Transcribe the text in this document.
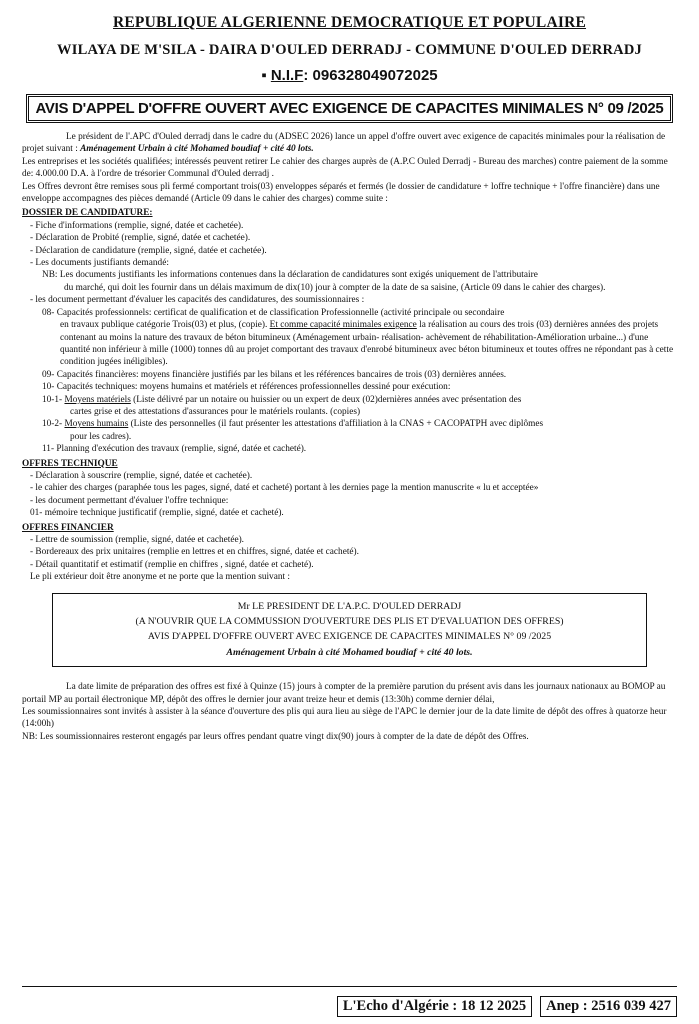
REPUBLIQUE ALGERIENNE DEMOCRATIQUE ET POPULAIRE
WILAYA DE M'SILA - DAIRA D'OULED DERRADJ - COMMUNE D'OULED DERRADJ
▪ N.I.F: 096328049072025
AVIS D'APPEL D'OFFRE OUVERT AVEC EXIGENCE DE CAPACITES MINIMALES N° 09 /2025

Le président de l'.APC d'Ouled derradj dans le cadre du (ADSEC 2026) lance un appel d'offre ouvert avec exigence de capacités minimales pour la réalisation de projet suivant : Aménagement Urbain à cité Mohamed boudiaf + cité 40 lots.

Les entreprises et les sociétés qualifiées; intéressés peuvent retirer Le cahier des charges auprès de (A.P.C Ouled Derradj - Bureau des marches) contre paiement de la somme de: 4.000.00 D.A. à l'ordre de trésorier Communal d'Ouled derradj .

Les Offres devront être remises sous pli fermé comportant trois(03) enveloppes séparés et fermés (le dossier de candidature + loffre technique + l'offre financière) dans une enveloppe accompagnes des pièces demandé (Article 09 dans le cahier des charges) comme suite :

DOSSIER DE CANDIDATURE:

- Fiche d'informations (remplie, signé, datée et cachetée).

- Déclaration de Probité (remplie, signé, datée et cachetée).

- Déclaration de candidature (remplie, signé, datée et cachetée).

- Les documents justifiants demandé:

NB: Les documents justifiants les informations contenues dans la déclaration de candidatures sont exigés uniquement de l'attributaire

du marché, qui doit les fournir dans un délais maximum de dix(10) jour à compter de la date de sa saisine, (Article 09 dans le cahier des charges).

- les document permettant d'évaluer les capacités des candidatures, des soumissionnaires :

08- Capacités professionnels: certificat de qualification et de classification Professionnelle (activité principale ou secondaire

en travaux publique catégorie Trois(03) et plus, (copie). Et comme capacité minimales exigence la réalisation au cours des trois (03) dernières années des projets contenant au moins la nature des travaux de béton bitumineux (Aménagement urbain- réalisation- achèvement de réhabilitation-Amélioration urbaine...) d'une quantité non inférieur à mille (1000) tonnes dû au projet comportant des travaux d'enrobé bitumineux avec béton bitumineux et toutes offres ne répondant pas à cette condition jugées inéligibles).

09- Capacités financières: moyens financière justifiés par les bilans et les références bancaires de trois (03) dernières années.

10- Capacités techniques: moyens humains et matériels et références professionnelles dessiné pour exécution:

10-1- Moyens matériels (Liste délivré par un notaire ou huissier ou un expert de deux (02)dernières années avec présentation des

cartes grise et des attestations d'assurances pour le matériels roulants. (copies)

10-2- Moyens humains (Liste des personnelles (il faut présenter les attestations d'affiliation à la CNAS + CACOPATPH avec diplômes

pour les cadres).

11- Planning d'exécution des travaux (remplie, signé, datée et cacheté).

OFFRES TECHNIQUE

- Déclaration à souscrire (remplie, signé, datée et cachetée).

- le cahier des charges (paraphée tous les pages, signé, daté et cacheté) portant à les dernies page la mention manuscrite « lu et acceptée»

- les document permettant d'évaluer l'offre technique:

01- mémoire technique justificatif (remplie, signé, datée et cacheté).

OFFRES FINANCIER

- Lettre de soumission (remplie, signé, datée et cachetée).

- Bordereaux des prix unitaires (remplie en lettres et en chiffres, signé, datée et cacheté).

- Détail quantitatif et estimatif (remplie en chiffres , signé, datée et cacheté).

Le pli extérieur doit être anonyme et ne porte que la mention suivant :

Mr LE PRESIDENT DE L'A.P.C. D'OULED DERRADJ
(A N'OUVRIR QUE LA COMMUSSION D'OUVERTURE DES PLIS ET D'EVALUATION DES OFFRES)
AVIS D'APPEL D'OFFRE OUVERT AVEC EXIGENCE DE CAPACITES MINIMALES N° 09 /2025
Aménagement Urbain à cité Mohamed boudiaf + cité 40 lots.

La date limite de préparation des offres est fixé à Quinze (15) jours à compter de la première parution du présent avis dans les journaux nationaux au BOMOP au portail MP au portail électronique MP, dépôt des offres le dernier jour avant treize heur et demis (13:30h) comme dernier délai,

Les soumissionnaires sont invités à assister à la séance d'ouverture des plis qui aura lieu au siège de l'APC le dernier jour de la date limite de dépôt des offres à quatorze heur (14:00h)

NB: Les soumissionnaires resteront engagés par leurs offres pendant quatre vingt dix(90) jours à compter de la date de dépôt des Offres.

L'Echo d'Algérie : 18 12 2025	Anep : 2516 039 427
